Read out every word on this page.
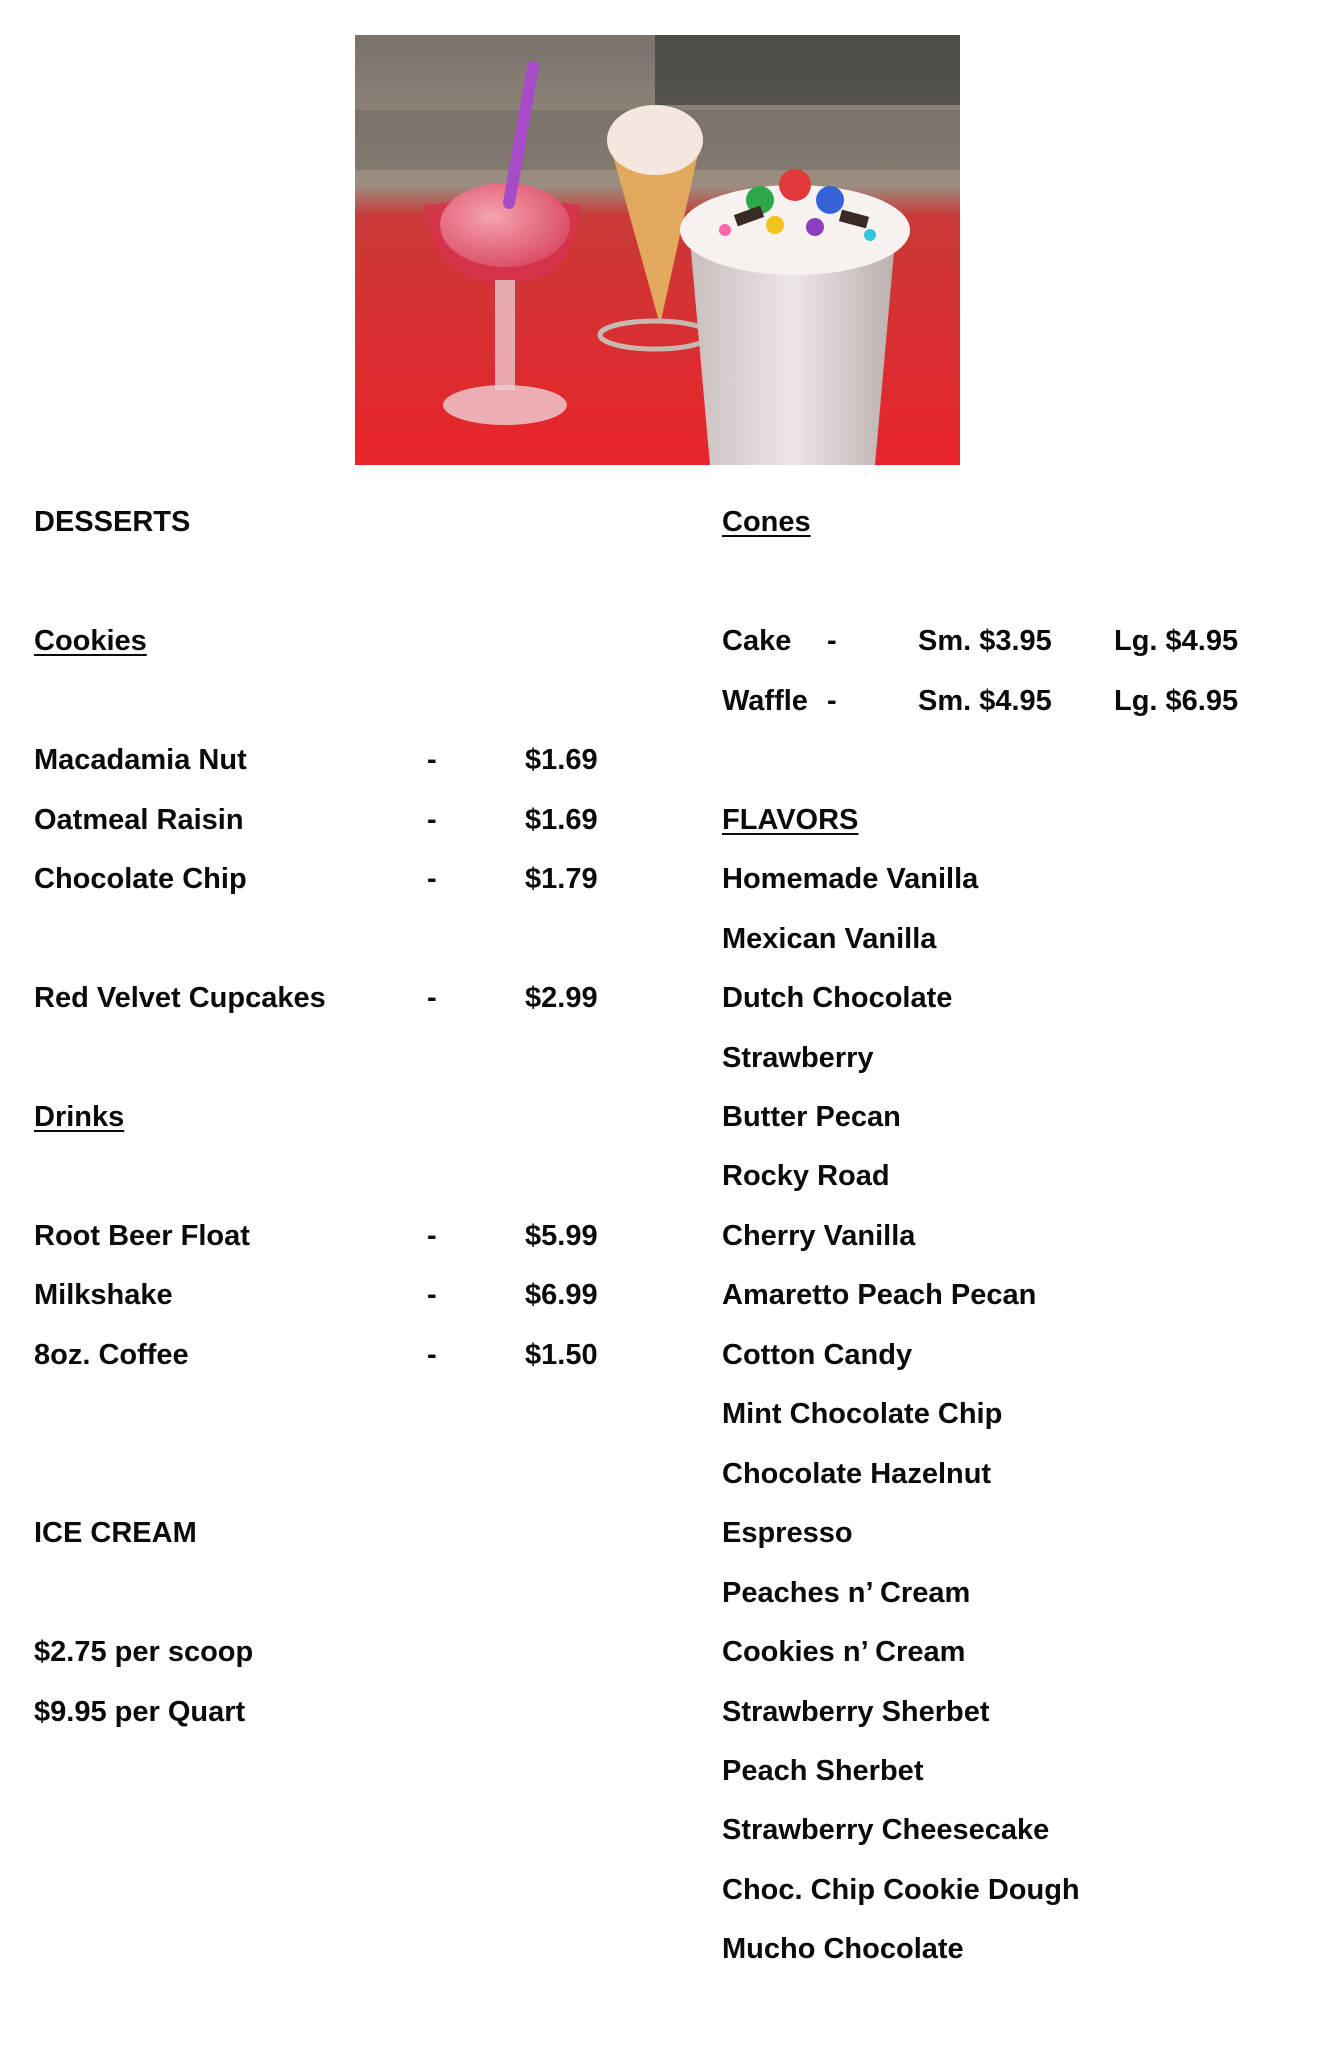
DESSERTS
Cookies
Macadamia Nut	-	$1.69
Oatmeal Raisin	-	$1.69
Chocolate Chip	-	$1.79
Red Velvet Cupcakes	-	$2.99
Drinks
Root Beer Float	-	$5.99
Milkshake	-	$6.99
8oz. Coffee	-	$1.50
ICE CREAM
$2.75 per scoop
$9.95 per Quart
Cones
Cake -	Sm. $3.95 Lg. $4.95
Waffle -	Sm. $4.95 Lg. $6.95
FLAVORS
Homemade Vanilla
Mexican Vanilla
Dutch Chocolate
Strawberry
Butter Pecan
Rocky Road
Cherry Vanilla
Amaretto Peach Pecan
Cotton Candy
Mint Chocolate Chip
Chocolate Hazelnut
Espresso
Peaches n’ Cream
Cookies n’ Cream
Strawberry Sherbet
Peach Sherbet
Strawberry Cheesecake
Choc. Chip Cookie Dough
Mucho Chocolate
